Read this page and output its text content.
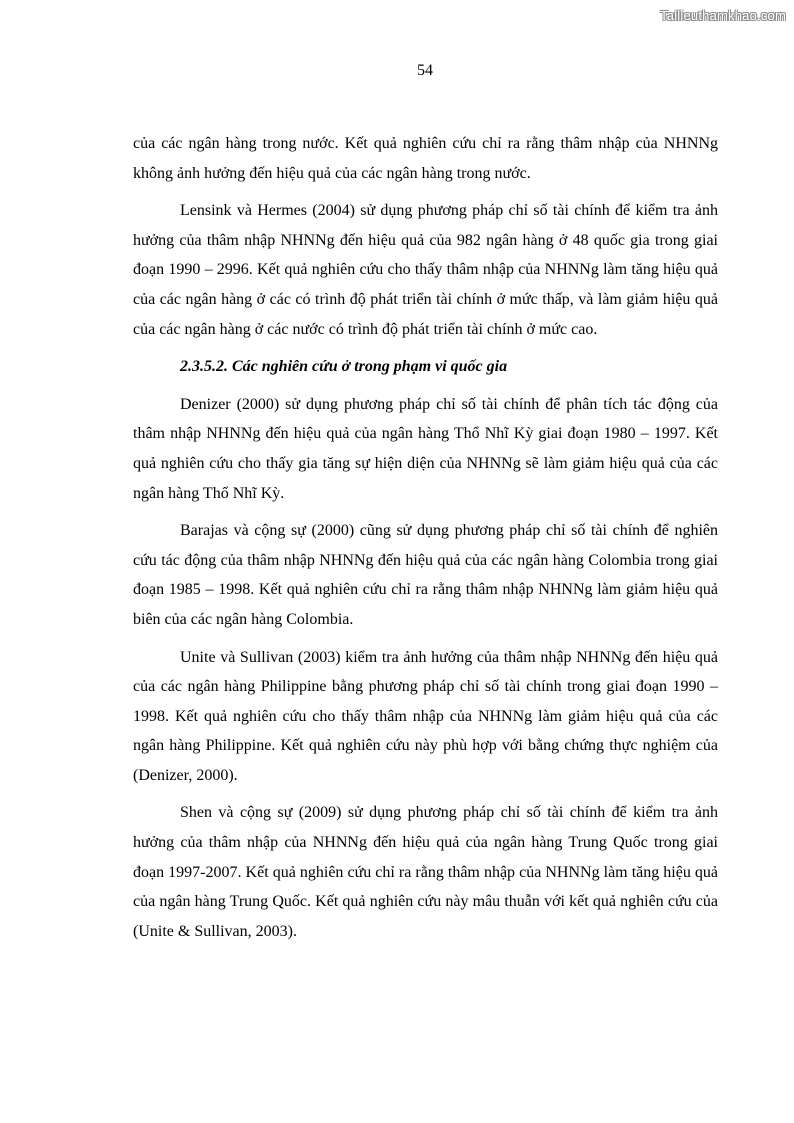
Tailieuthamkhao.com
54

của các ngân hàng trong nước. Kết quả nghiên cứu chỉ ra rằng thâm nhập của NHNNg không ảnh hưởng đến hiệu quả của các ngân hàng trong nước.

Lensink và Hermes (2004) sử dụng phương pháp chỉ số tài chính để kiểm tra ảnh hưởng của thâm nhập NHNNg đến hiệu quả của 982 ngân hàng ở 48 quốc gia trong giai đoạn 1990 – 2996. Kết quả nghiên cứu cho thấy thâm nhập của NHNNg làm tăng hiệu quả của các ngân hàng ở các có trình độ phát triển tài chính ở mức thấp, và làm giảm hiệu quả của các ngân hàng ở các nước có trình độ phát triển tài chính ở mức cao.

2.3.5.2. Các nghiên cứu ở trong phạm vi quốc gia

Denizer (2000) sử dụng phương pháp chỉ số tài chính để phân tích tác động của thâm nhập NHNNg đến hiệu quả của ngân hàng Thổ Nhĩ Kỳ giai đoạn 1980 – 1997. Kết quả nghiên cứu cho thấy gia tăng sự hiện diện của NHNNg sẽ làm giảm hiệu quả của các ngân hàng Thổ Nhĩ Kỳ.

Barajas và cộng sự (2000) cũng sử dụng phương pháp chỉ số tài chính để nghiên cứu tác động của thâm nhập NHNNg đến hiệu quả của các ngân hàng Colombia trong giai đoạn 1985 – 1998. Kết quả nghiên cứu chỉ ra rằng thâm nhập NHNNg làm giảm hiệu quả biên của các ngân hàng Colombia.

Unite và Sullivan (2003) kiểm tra ảnh hưởng của thâm nhập NHNNg đến hiệu quả của các ngân hàng Philippine bằng phương pháp chỉ số tài chính trong giai đoạn 1990 – 1998. Kết quả nghiên cứu cho thấy thâm nhập của NHNNg làm giảm hiệu quả của các ngân hàng Philippine. Kết quả nghiên cứu này phù hợp với bằng chứng thực nghiệm của (Denizer, 2000).

Shen và cộng sự (2009) sử dụng phương pháp chỉ số tài chính để kiểm tra ảnh hưởng của thâm nhập của NHNNg đến hiệu quả của ngân hàng Trung Quốc trong giai đoạn 1997-2007. Kết quả nghiên cứu chỉ ra rằng thâm nhập của NHNNg làm tăng hiệu quả của ngân hàng Trung Quốc. Kết quả nghiên cứu này mâu thuẫn với kết quả nghiên cứu của (Unite & Sullivan, 2003).
